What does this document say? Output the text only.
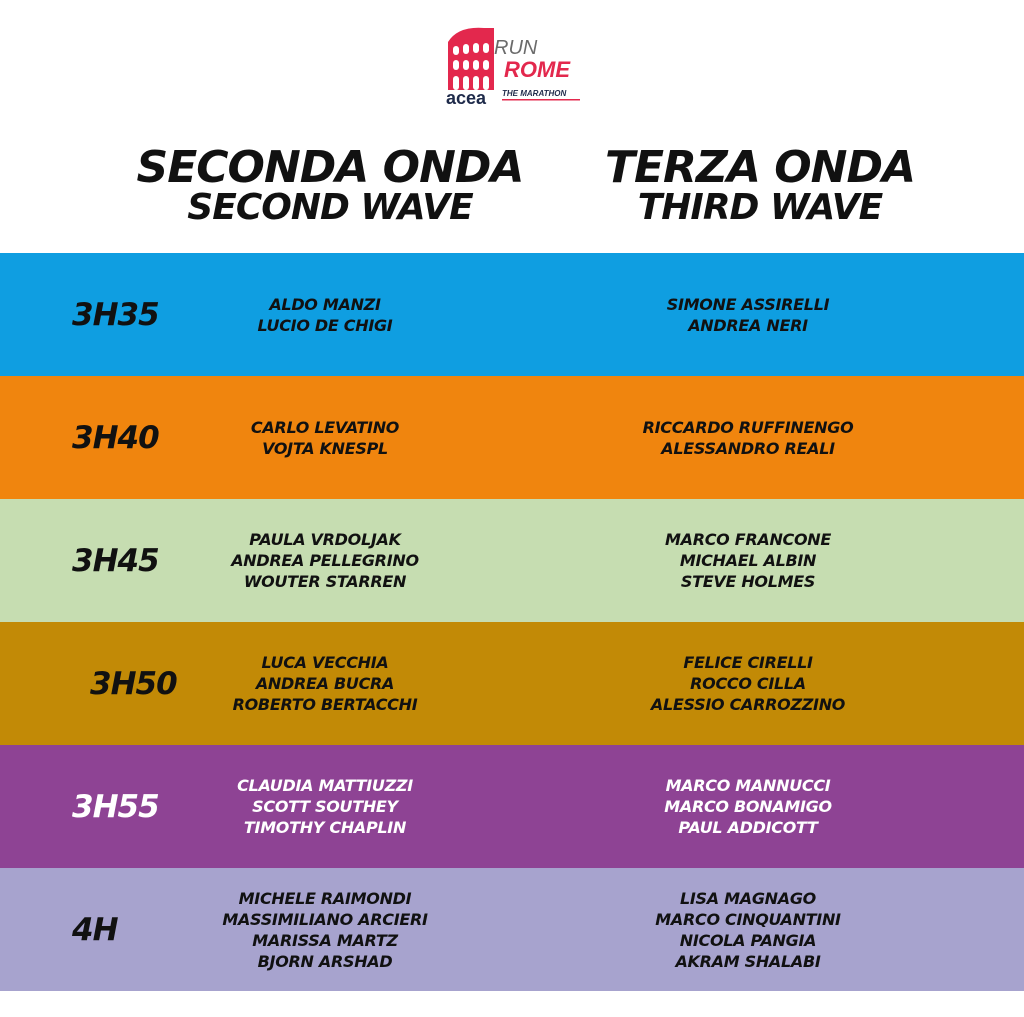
RUN
ROME
acea THE MARATHON
SECONDA ONDA
SECOND WAVE
TERZA ONDA
THIRD WAVE
3H35	ALDO MANZI
LUCIO DE CHIGI
SIMONE ASSIRELLI
ANDREA NERI
3H40	CARLO LEVATINO
VOJTA KNESPL
RICCARDO RUFFINENGO
ALESSANDRO REALI
3H45
PAULA VRDOLJAK
ANDREA PELLEGRINO
WOUTER STARREN
MARCO FRANCONE
MICHAEL ALBIN
STEVE HOLMES
3H50
LUCA VECCHIA
ANDREA BUCRA
ROBERTO BERTACCHI
FELICE CIRELLI
ROCCO CILLA
ALESSIO CARROZZINO
3H55
CLAUDIA MATTIUZZI
SCOTT SOUTHEY
TIMOTHY CHAPLIN
MARCO MANNUCCI
MARCO BONAMIGO
PAUL ADDICOTT
4H
MICHELE RAIMONDI
MASSIMILIANO ARCIERI
MARISSA MARTZ
BJORN ARSHAD
LISA MAGNAGO
MARCO CINQUANTINI
NICOLA PANGIA
AKRAM SHALABI
